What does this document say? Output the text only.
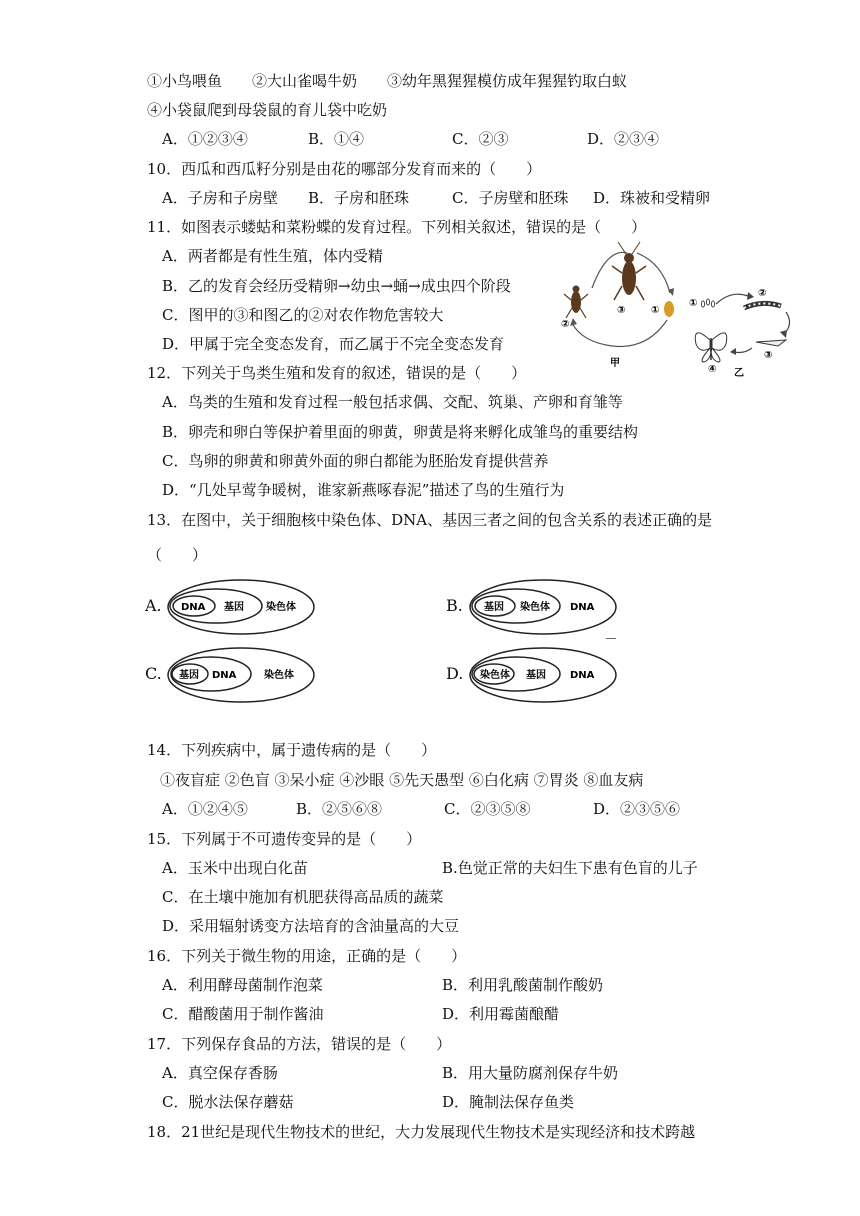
①小鸟喂鱼　　②大山雀喝牛奶　　③幼年黑猩猩模仿成年猩猩钓取白蚁
④小袋鼠爬到母袋鼠的育儿袋中吃奶
A．①②③④	B．①④	C．②③	D．②③④
10．西瓜和西瓜籽分别是由花的哪部分发育而来的（　　）
A．子房和子房壁 B．子房和胚珠	C．子房壁和胚珠 D．珠被和受精卵
11．如图表示蝼蛄和菜粉蝶的发育过程。下列相关叙述，错误的是（　　）
A．两者都是有性生殖，体内受精
B．乙的发育会经历受精卵→幼虫→蛹→成虫四个阶段
C．图甲的③和图乙的②对农作物危害较大
D．甲属于完全变态发育，而乙属于不完全变态发育
①
②
③
甲
①
②
③
④ 乙
12．下列关于鸟类生殖和发育的叙述，错误的是（　　）
A．鸟类的生殖和发育过程一般包括求偶、交配、筑巢、产卵和育雏等
B．卵壳和卵白等保护着里面的卵黄，卵黄是将来孵化成雏鸟的重要结构
C．鸟卵的卵黄和卵黄外面的卵白都能为胚胎发育提供营养
D．“几处早莺争暖树，谁家新燕啄春泥”描述了鸟的生殖行为
13．在图中，关于细胞核中染色体、DNA、基因三者之间的包含关系的表述正确的是
（　　）
A. DNA 基因 染色体	B. 基因 染色体 DNA
C. 基因 DNA	染色体	D. 染色体 基因 DNA
14．下列疾病中，属于遗传病的是（　　）
①夜盲症 ②色盲 ③呆小症 ④沙眼 ⑤先天愚型 ⑥白化病 ⑦胃炎 ⑧血友病
A．①②④⑤	B．②⑤⑥⑧	C．②③⑤⑧	D．②③⑤⑥
15．下列属于不可遗传变异的是（　　）
A．玉米中出现白化苗	B.色觉正常的夫妇生下患有色盲的儿子
C．在土壤中施加有机肥获得高品质的蔬菜
D．采用辐射诱变方法培育的含油量高的大豆
16．下列关于微生物的用途，正确的是（　　）
A．利用酵母菌制作泡菜	B．利用乳酸菌制作酸奶
C．醋酸菌用于制作酱油	D．利用霉菌酿醋
17．下列保存食品的方法，错误的是（　　）
A．真空保存香肠	B．用大量防腐剂保存牛奶
C．脱水法保存蘑菇	D．腌制法保存鱼类
18．21世纪是现代生物技术的世纪，大力发展现代生物技术是实现经济和技术跨越
